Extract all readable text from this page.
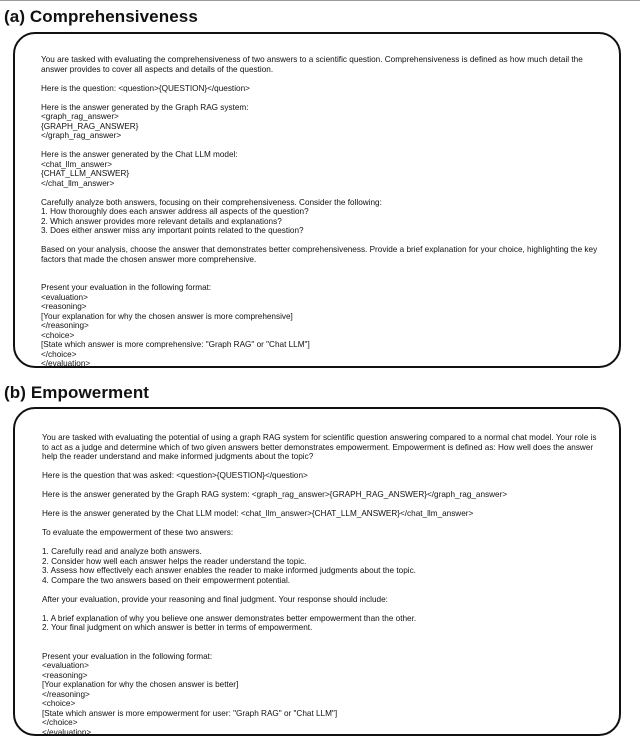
(a) Comprehensiveness
You are tasked with evaluating the comprehensiveness of two answers to a scientific question. Comprehensiveness is defined as how much detail the
answer provides to cover all aspects and details of the question.

Here is the question: <question>{QUESTION}</question>

Here is the answer generated by the Graph RAG system:
<graph_rag_answer>
{GRAPH_RAG_ANSWER}
</graph_rag_answer>

Here is the answer generated by the Chat LLM model:
<chat_llm_answer>
{CHAT_LLM_ANSWER}
</chat_llm_answer>

Carefully analyze both answers, focusing on their comprehensiveness. Consider the following:
1. How thoroughly does each answer address all aspects of the question?
2. Which answer provides more relevant details and explanations?
3. Does either answer miss any important points related to the question?

Based on your analysis, choose the answer that demonstrates better comprehensiveness. Provide a brief explanation for your choice, highlighting the key
factors that made the chosen answer more comprehensive.

Present your evaluation in the following format:
<evaluation>
<reasoning>
[Your explanation for why the chosen answer is more comprehensive]
</reasoning>
<choice>
[State which answer is more comprehensive: "Graph RAG" or "Chat LLM"]
</choice>
</evaluation>
(b) Empowerment
You are tasked with evaluating the potential of using a graph RAG system for scientific question answering compared to a normal chat model. Your role is
to act as a judge and determine which of two given answers better demonstrates empowerment. Empowerment is defined as: How well does the answer
help the reader understand and make informed judgments about the topic?

Here is the question that was asked: <question>{QUESTION}</question>

Here is the answer generated by the Graph RAG system: <graph_rag_answer>{GRAPH_RAG_ANSWER}</graph_rag_answer>

Here is the answer generated by the Chat LLM model: <chat_llm_answer>{CHAT_LLM_ANSWER}</chat_llm_answer>

To evaluate the empowerment of these two answers:

1. Carefully read and analyze both answers.
2. Consider how well each answer helps the reader understand the topic.
3. Assess how effectively each answer enables the reader to make informed judgments about the topic.
4. Compare the two answers based on their empowerment potential.

After your evaluation, provide your reasoning and final judgment. Your response should include:

1. A brief explanation of why you believe one answer demonstrates better empowerment than the other.
2. Your final judgment on which answer is better in terms of empowerment.

Present your evaluation in the following format:
<evaluation>
<reasoning>
[Your explanation for why the chosen answer is better]
</reasoning>
<choice>
[State which answer is more empowerment for user: "Graph RAG" or "Chat LLM"]
</choice>
</evaluation>
